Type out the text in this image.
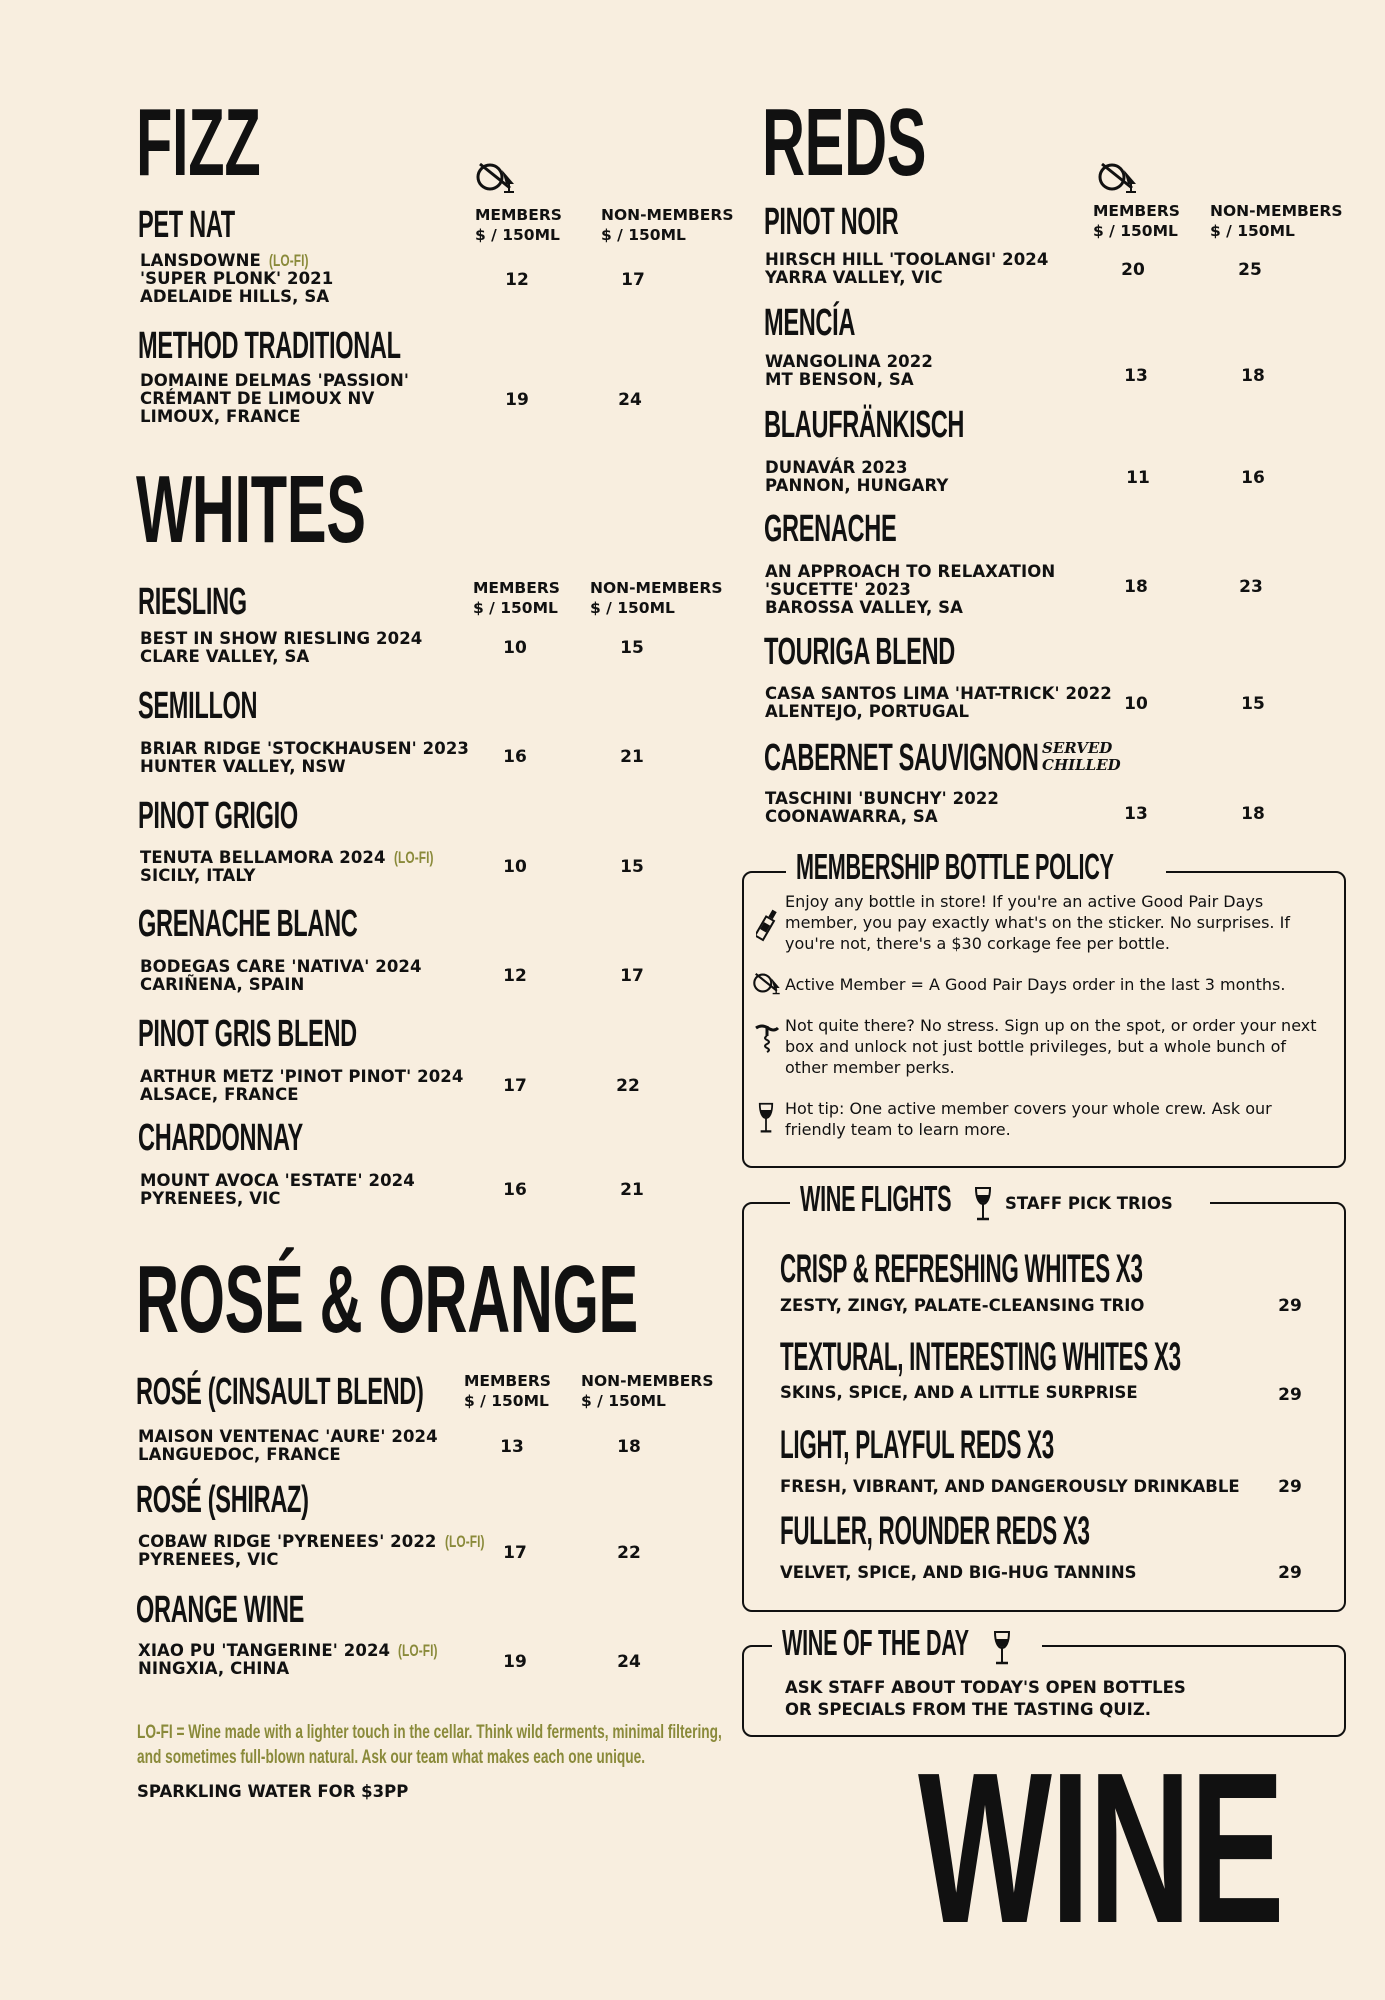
FIZZ
MEMBERS
$ / 150ML
NON-MEMBERS
$ / 150ML
PET NAT
LANSDOWNE (LO-FI)
'SUPER PLONK' 2021
ADELAIDE HILLS, SA
12	17
METHOD TRADITIONAL
DOMAINE DELMAS 'PASSION'
CRÉMANT DE LIMOUX NV
LIMOUX, FRANCE
19	24
WHITES
MEMBERS
$ / 150ML
NON-MEMBERS
$ / 150ML
RIESLING
BEST IN SHOW RIESLING 2024
CLARE VALLEY, SA	10	15
SEMILLON
BRIAR RIDGE 'STOCKHAUSEN' 2023
HUNTER VALLEY, NSW	16	21
PINOT GRIGIO
TENUTA BELLAMORA 2024 (LO-FI)
SICILY, ITALY	10	15
GRENACHE BLANC
BODEGAS CARE 'NATIVA' 2024
CARIÑENA, SPAIN	12	17
PINOT GRIS BLEND
ARTHUR METZ 'PINOT PINOT' 2024
ALSACE, FRANCE	17	22
CHARDONNAY
MOUNT AVOCA 'ESTATE' 2024
PYRENEES, VIC	16	21
ROSÉ & ORANGE
MEMBERS
$ / 150ML
NON-MEMBERS
$ / 150ML
ROSÉ (CINSAULT BLEND)
MAISON VENTENAC 'AURE' 2024
LANGUEDOC, FRANCE	13	18
ROSÉ (SHIRAZ)
COBAW RIDGE 'PYRENEES' 2022 (LO-FI)
PYRENEES, VIC	17	22
ORANGE WINE
XIAO PU 'TANGERINE' 2024 (LO-FI)
NINGXIA, CHINA	19	24
LO-FI = Wine made with a lighter touch in the cellar. Think wild ferments, minimal filtering,
and sometimes full-blown natural. Ask our team what makes each one unique.
SPARKLING WATER FOR $3PP
REDS
MEMBERS
$ / 150ML
NON-MEMBERS
$ / 150ML
PINOT NOIR
HIRSCH HILL 'TOOLANGI' 2024
YARRA VALLEY, VIC	20	25
MENCÍA
WANGOLINA 2022
MT BENSON, SA	13	18
BLAUFRÄNKISCH
DUNAVÁR 2023
PANNON, HUNGARY	11	16
GRENACHE
AN APPROACH TO RELAXATION
'SUCETTE' 2023
BAROSSA VALLEY, SA
18	23
TOURIGA BLEND
CASA SANTOS LIMA 'HAT-TRICK' 2022
ALENTEJO, PORTUGAL	10	15
CABERNET SAUVIGNON SERVED
CHILLED
TASCHINI 'BUNCHY' 2022
COONAWARRA, SA	13	18
MEMBERSHIP BOTTLE POLICY
Enjoy any bottle in store! If you're an active Good Pair Days member, you pay exactly what's on the sticker. No surprises. If you're not, there's a $30 corkage fee per bottle.
Active Member = A Good Pair Days order in the last 3 months.
Not quite there? No stress. Sign up on the spot, or order your next box and unlock not just bottle privileges, but a whole bunch of other member perks.
Hot tip: One active member covers your whole crew. Ask our friendly team to learn more.
WINE FLIGHTS	STAFF PICK TRIOS
CRISP & REFRESHING WHITES X3
ZESTY, ZINGY, PALATE-CLEANSING TRIO	29
TEXTURAL, INTERESTING WHITES X3
SKINS, SPICE, AND A LITTLE SURPRISE	29
LIGHT, PLAYFUL REDS X3
FRESH, VIBRANT, AND DANGEROUSLY DRINKABLE	29
FULLER, ROUNDER REDS X3
VELVET, SPICE, AND BIG-HUG TANNINS	29
WINE OF THE DAY
ASK STAFF ABOUT TODAY'S OPEN BOTTLES
OR SPECIALS FROM THE TASTING QUIZ.
WINE
